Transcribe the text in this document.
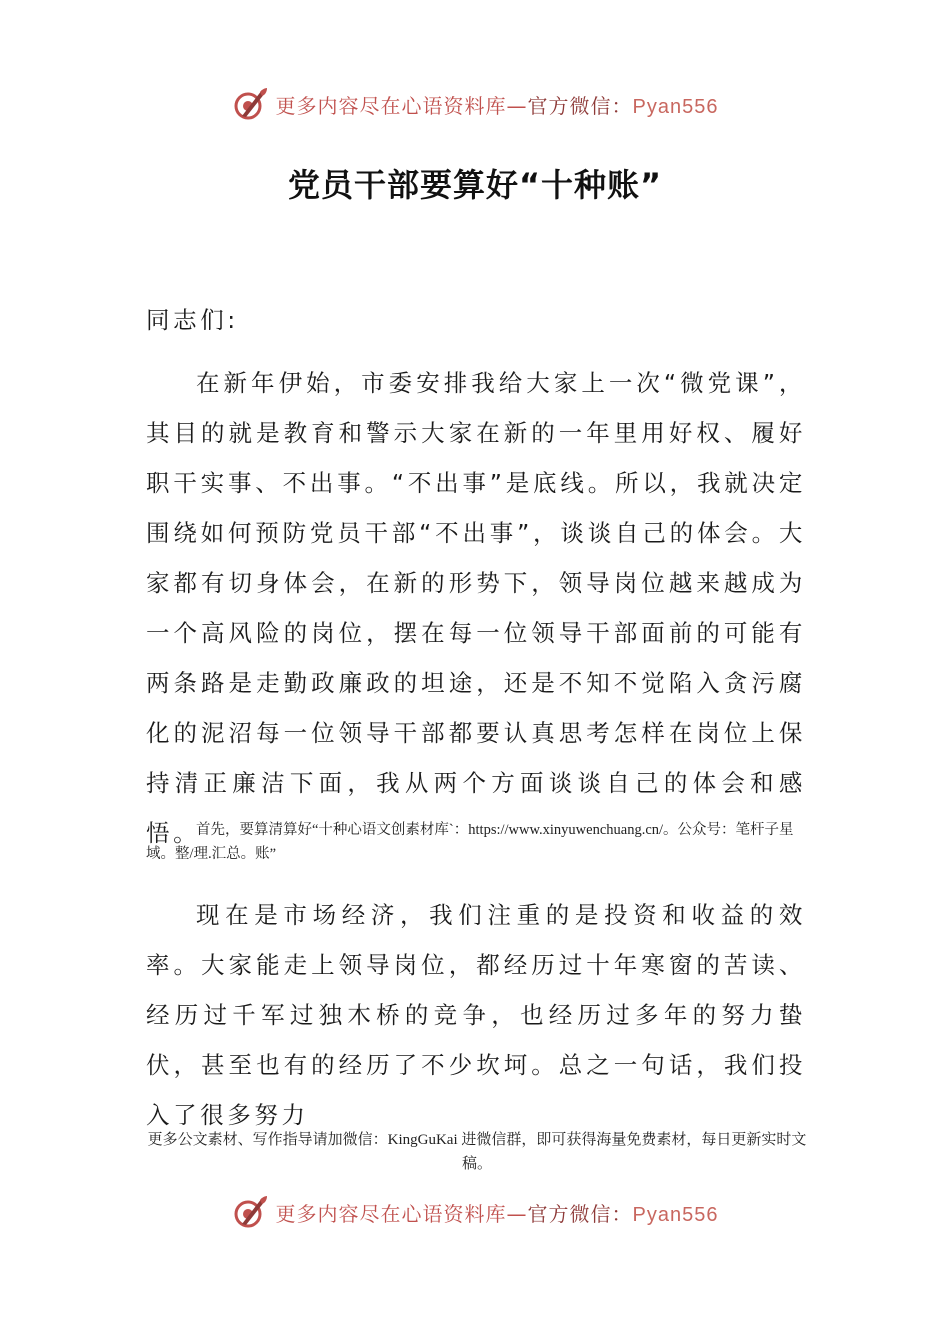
更多内容尽在心语资料库—官方微信：Pyan556
党员干部要算好“十种账”
同志们:
在新年伊始，市委安排我给大家上一次“微党课”，其目的就是教育和警示大家在新的一年里用好权、履好职干实事、不出事。“不出事”是底线。所以，我就决定围绕如何预防党员干部“不出事”，谈谈自己的体会。大家都有切身体会，在新的形势下，领导岗位越来越成为一个高风险的岗位，摆在每一位领导干部面前的可能有两条路是走勤政廉政的坦途，还是不知不觉陷入贪污腐化的泥沼每一位领导干部都要认真思考怎样在岗位上保持清正廉洁下面，我从两个方面谈谈自己的体会和感悟。
首先，要算清算好“十种心语文创素材库`：https://www.xinyuwenchuang.cn/。公众号：笔杆子星域。整/理.汇总。账”
现在是市场经济，我们注重的是投资和收益的效率。大家能走上领导岗位，都经历过十年寒窗的苦读、经历过千军过独木桥的竞争，也经历过多年的努力蛰伏，甚至也有的经历了不少坎坷。总之一句话，我们投入了很多努力
更多公文素材、写作指导请加微信：KingGuKai 进微信群，即可获得海量免费素材，每日更新实时文稿。
更多内容尽在心语资料库—官方微信：Pyan556
